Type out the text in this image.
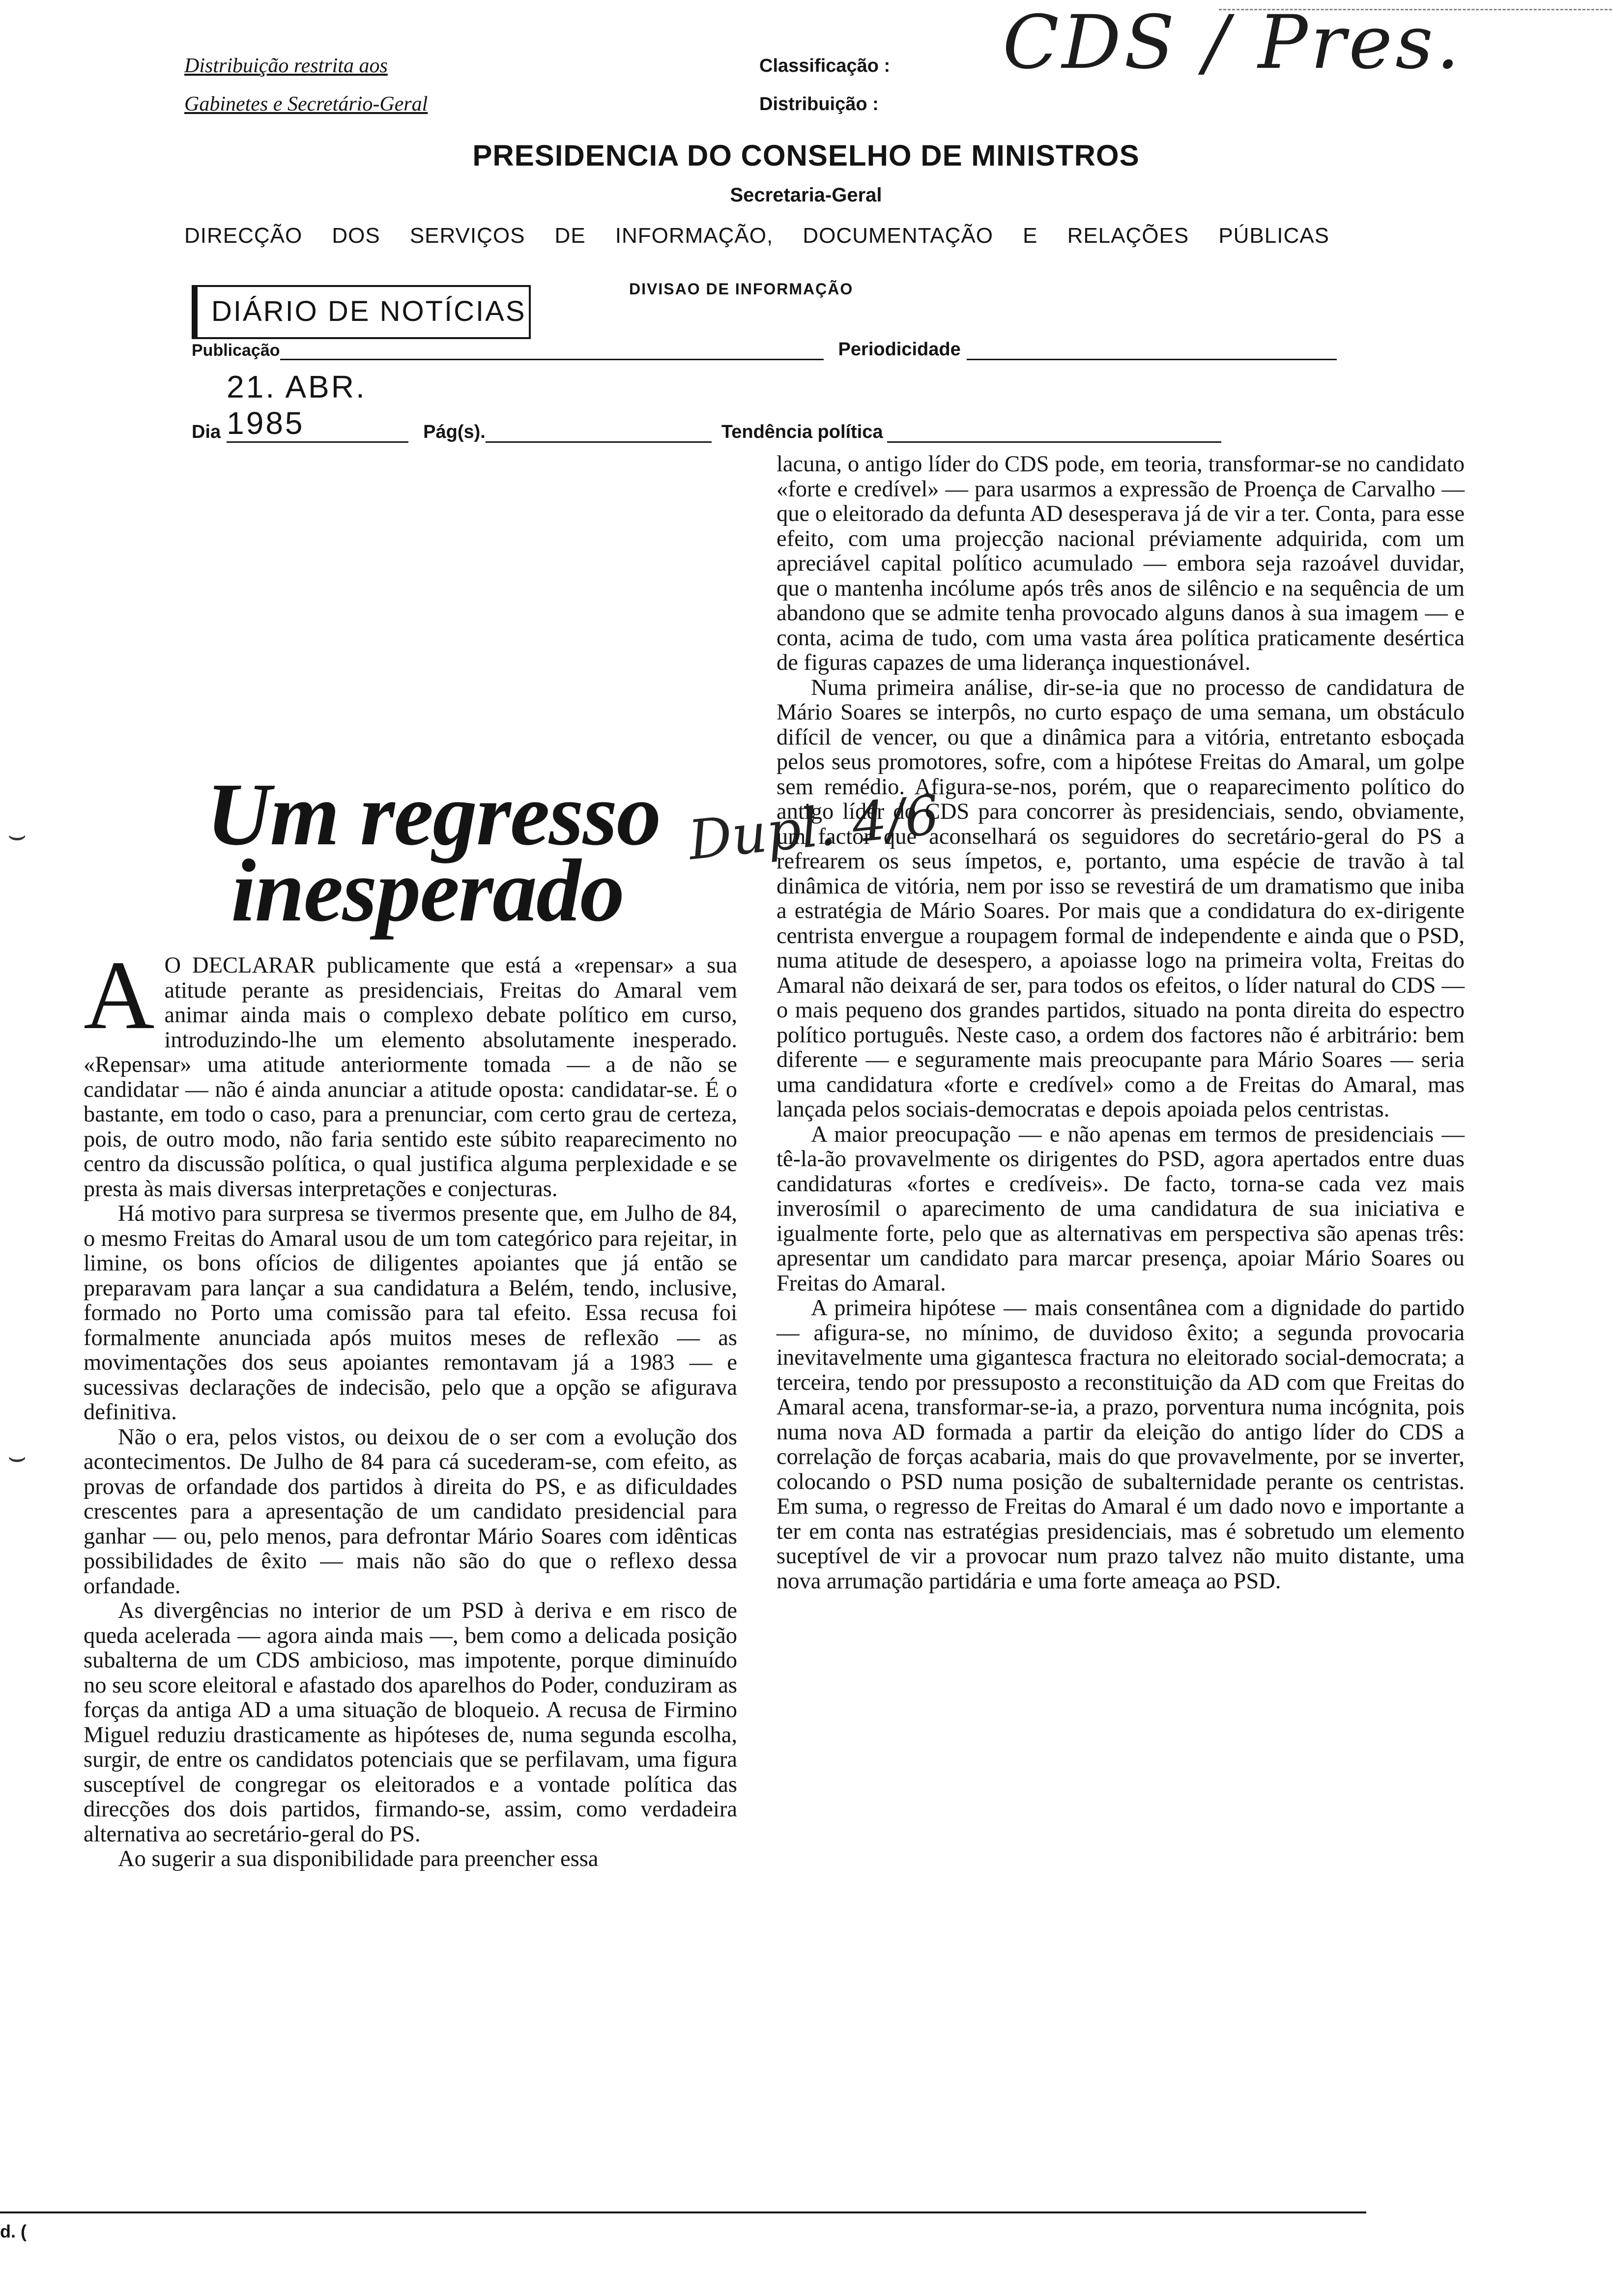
Distribuição restrita aos
Gabinetes e Secretário-Geral
Classificação :
Distribuição :
CDS / Pres.
PRESIDENCIA DO CONSELHO DE MINISTROS
Secretaria-Geral
DIRECÇÃO DOS SERVIÇOS DE INFORMAÇÃO, DOCUMENTAÇÃO E RELAÇÕES PÚBLICAS
DIVISAO DE INFORMAÇÃO
DIÁRIO DE NOTÍCIAS
Publicação	Periodicidade
Dia
21. ABR. 1985	Pág(s).	Tendência política
Um regresso
inesperado
Dupl. 4/6
⌣
⌣

A O DECLARAR publicamente que está a «repensar» a sua atitude perante as presidenciais, Freitas do Amaral vem animar ainda mais o complexo debate político em curso, introduzindo-lhe um elemento absolutamente inesperado. «Repensar» uma atitude anteriormente tomada — a de não se candidatar — não é ainda anunciar a atitude oposta: candidatar-se. É o bastante, em todo o caso, para a prenunciar, com certo grau de certeza, pois, de outro modo, não faria sentido este súbito reaparecimento no centro da discussão política, o qual justifica alguma perplexidade e se presta às mais diversas interpretações e conjecturas.

Há motivo para surpresa se tivermos presente que, em Julho de 84, o mesmo Freitas do Amaral usou de um tom categórico para rejeitar, in limine, os bons ofícios de diligentes apoiantes que já então se preparavam para lançar a sua candidatura a Belém, tendo, inclusive, formado no Porto uma comissão para tal efeito. Essa recusa foi formalmente anunciada após muitos meses de reflexão — as movimentações dos seus apoiantes remontavam já a 1983 — e sucessivas declarações de indecisão, pelo que a opção se afigurava definitiva.

Não o era, pelos vistos, ou deixou de o ser com a evolução dos acontecimentos. De Julho de 84 para cá sucederam-se, com efeito, as provas de orfandade dos partidos à direita do PS, e as dificuldades crescentes para a apresentação de um candidato presidencial para ganhar — ou, pelo menos, para defrontar Mário Soares com idênticas possibilidades de êxito — mais não são do que o reflexo dessa orfandade.

As divergências no interior de um PSD à deriva e em risco de queda acelerada — agora ainda mais —, bem como a delicada posição subalterna de um CDS ambicioso, mas impotente, porque diminuído no seu score eleitoral e afastado dos aparelhos do Poder, conduziram as forças da antiga AD a uma situação de bloqueio. A recusa de Firmino Miguel reduziu drasticamente as hipóteses de, numa segunda escolha, surgir, de entre os candidatos potenciais que se perfilavam, uma figura susceptível de congregar os eleitorados e a vontade política das direcções dos dois partidos, firmando-se, assim, como verdadeira alternativa ao secretário-geral do PS.

Ao sugerir a sua disponibilidade para preencher essa

lacuna, o antigo líder do CDS pode, em teoria, transformar-se no candidato «forte e credível» — para usarmos a expressão de Proença de Carvalho — que o eleitorado da defunta AD desesperava já de vir a ter. Conta, para esse efeito, com uma projecção nacional préviamente adquirida, com um apreciável capital político acumulado — embora seja razoável duvidar, que o mantenha incólume após três anos de silêncio e na sequência de um abandono que se admite tenha provocado alguns danos à sua imagem — e conta, acima de tudo, com uma vasta área política praticamente desértica de figuras capazes de uma liderança inquestionável.

Numa primeira análise, dir-se-ia que no processo de candidatura de Mário Soares se interpôs, no curto espaço de uma semana, um obstáculo difícil de vencer, ou que a dinâmica para a vitória, entretanto esboçada pelos seus promotores, sofre, com a hipótese Freitas do Amaral, um golpe sem remédio. Afigura-se-nos, porém, que o reaparecimento político do antigo líder do CDS para concorrer às presidenciais, sendo, obviamente, um factor que aconselhará os seguidores do secretário-geral do PS a refrearem os seus ímpetos, e, portanto, uma espécie de travão à tal dinâmica de vitória, nem por isso se revestirá de um dramatismo que iniba a estratégia de Mário Soares. Por mais que a condidatura do ex-dirigente centrista envergue a roupagem formal de independente e ainda que o PSD, numa atitude de desespero, a apoiasse logo na primeira volta, Freitas do Amaral não deixará de ser, para todos os efeitos, o líder natural do CDS — o mais pequeno dos grandes partidos, situado na ponta direita do espectro político português. Neste caso, a ordem dos factores não é arbitrário: bem diferente — e seguramente mais preocupante para Mário Soares — seria uma candidatura «forte e credível» como a de Freitas do Amaral, mas lançada pelos sociais-democratas e depois apoiada pelos centristas.

A maior preocupação — e não apenas em termos de presidenciais — tê-la-ão provavelmente os dirigentes do PSD, agora apertados entre duas candidaturas «fortes e credíveis». De facto, torna-se cada vez mais inverosímil o aparecimento de uma candidatura de sua iniciativa e igualmente forte, pelo que as alternativas em perspectiva são apenas três: apresentar um candidato para marcar presença, apoiar Mário Soares ou Freitas do Amaral.

A primeira hipótese — mais consentânea com a dignidade do partido — afigura-se, no mínimo, de duvidoso êxito; a segunda provocaria inevitavelmente uma gigantesca fractura no eleitorado social-democrata; a terceira, tendo por pressuposto a reconstituição da AD com que Freitas do Amaral acena, transformar-se-ia, a prazo, porventura numa incógnita, pois numa nova AD formada a partir da eleição do antigo líder do CDS a correlação de forças acabaria, mais do que provavelmente, por se inverter, colocando o PSD numa posição de subalternidade perante os centristas. Em suma, o regresso de Freitas do Amaral é um dado novo e importante a ter em conta nas estratégias presidenciais, mas é sobretudo um elemento suceptível de vir a provocar num prazo talvez não muito distante, uma nova arrumação partidária e uma forte ameaça ao PSD.

d. (
